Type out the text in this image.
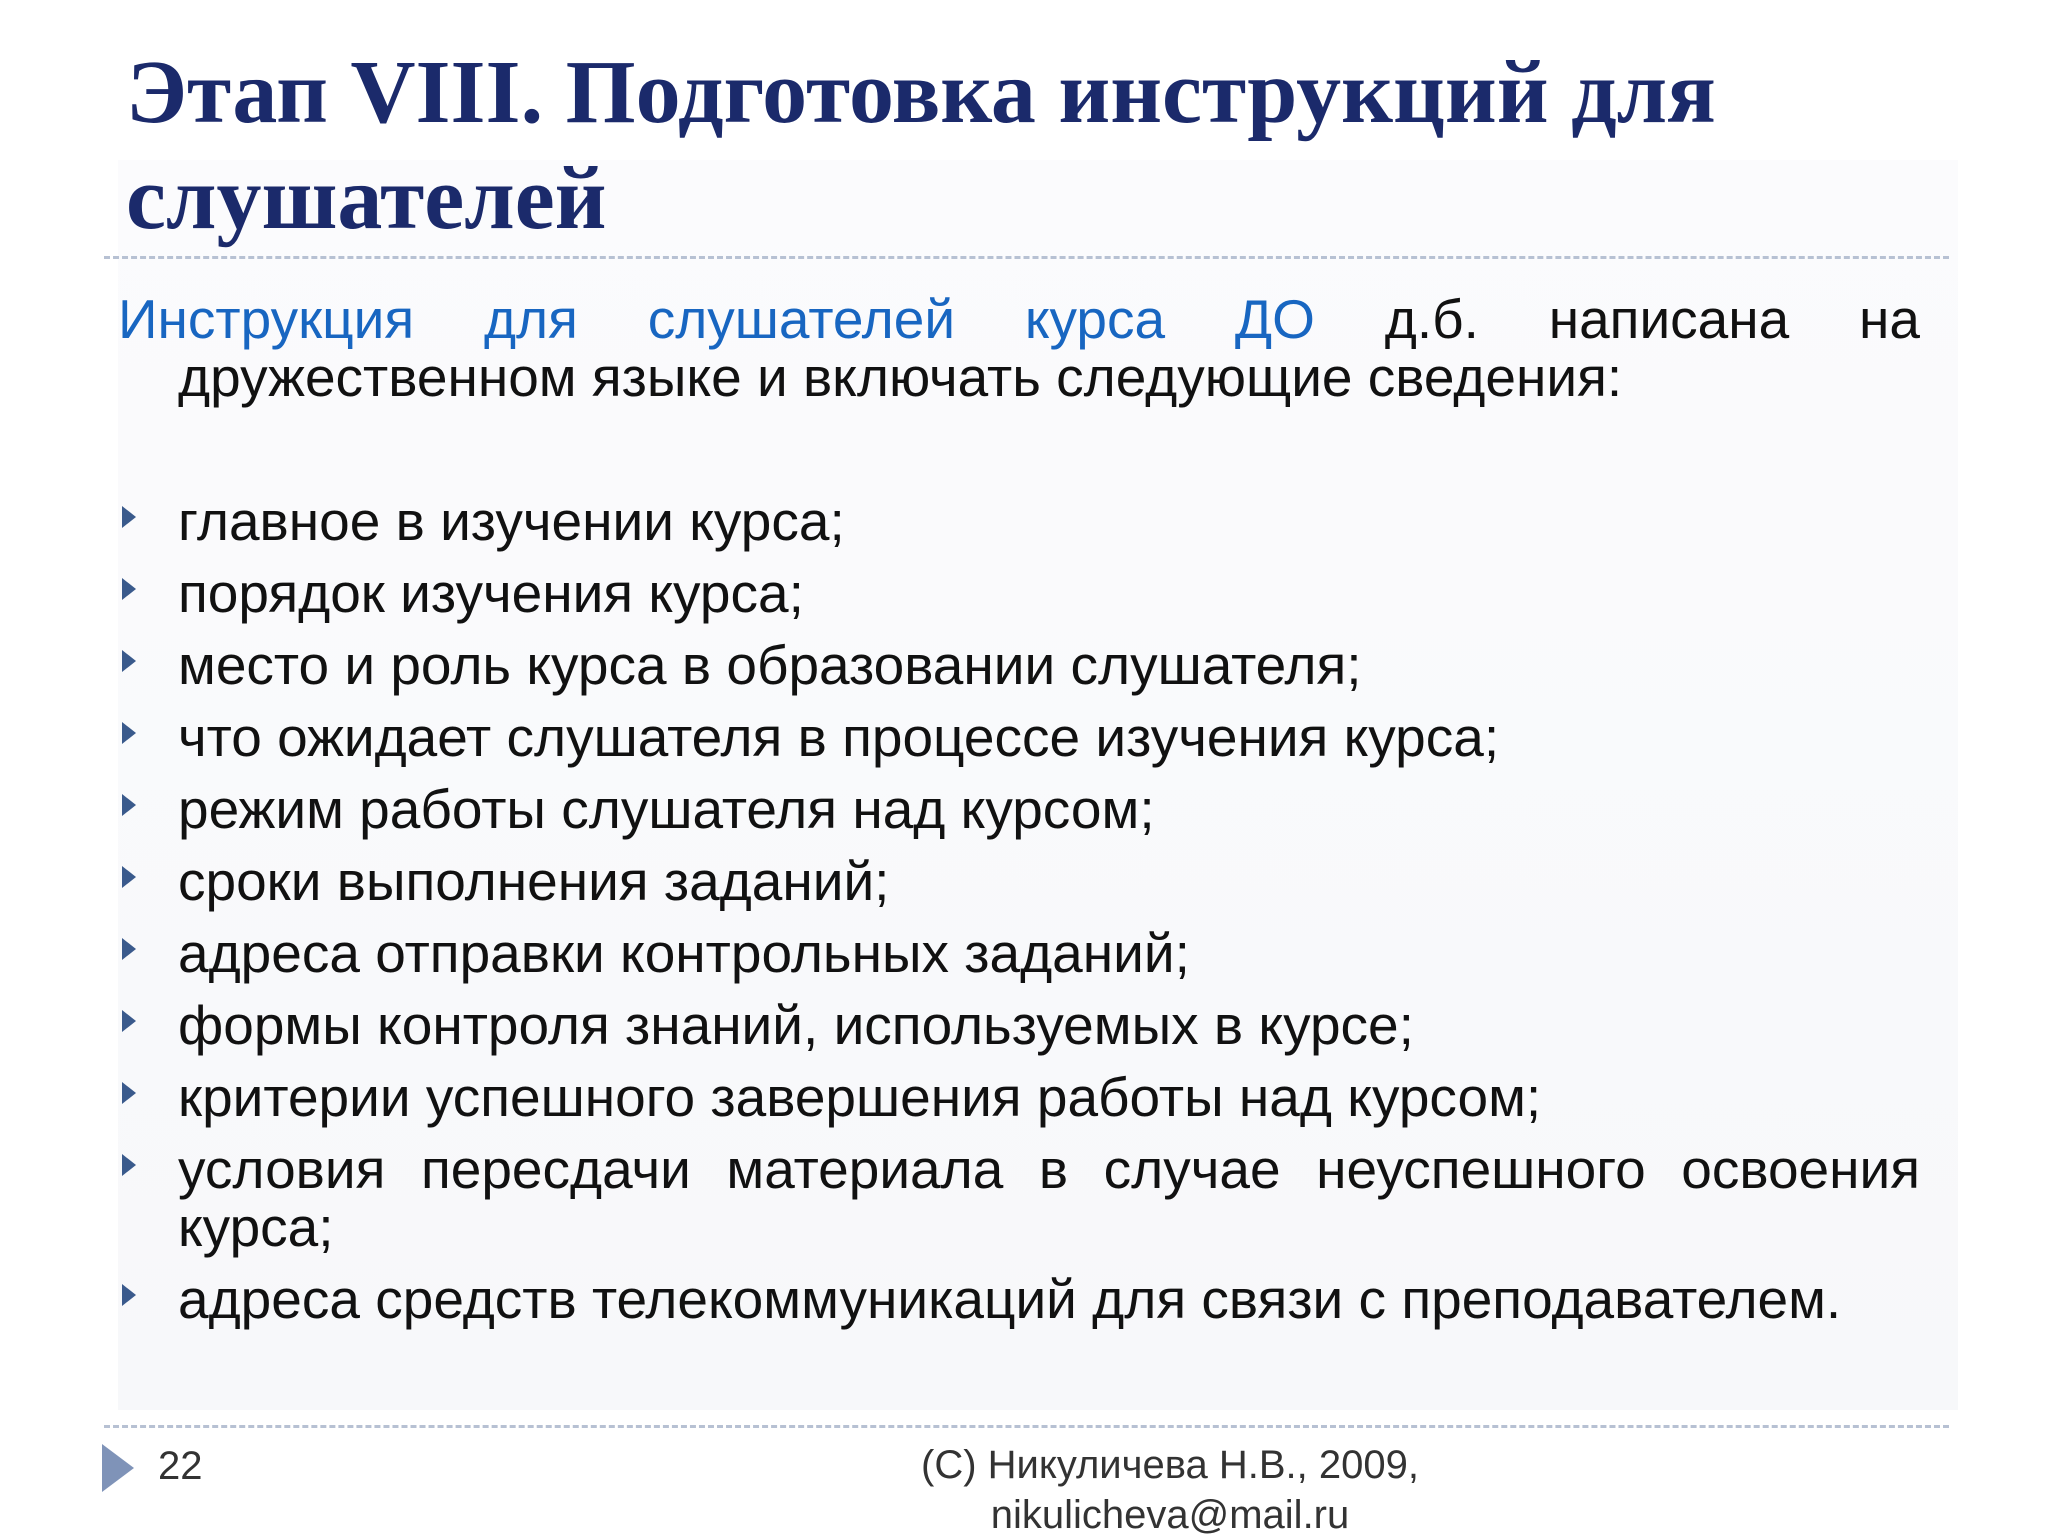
Этап VIII. Подготовка инструкций для слушателей

Инструкция для слушателей курса ДО д.б. написана на
дружественном языке и включать следующие сведения:

главное в изучении курса;
порядок изучения курса;
место и роль курса в образовании слушателя;
что ожидает слушателя в процессе изучения курса;
режим работы слушателя над курсом;
сроки выполнения заданий;
адреса отправки контрольных заданий;
формы контроля знаний, используемых в курсе;
критерии успешного завершения работы над курсом;
условия пересдачи материала в случае неуспешного освоения курса;
адреса средств телекоммуникаций для связи с преподавателем.
22	(C) Никуличева Н.В., 2009,
nikulicheva@mail.ru
